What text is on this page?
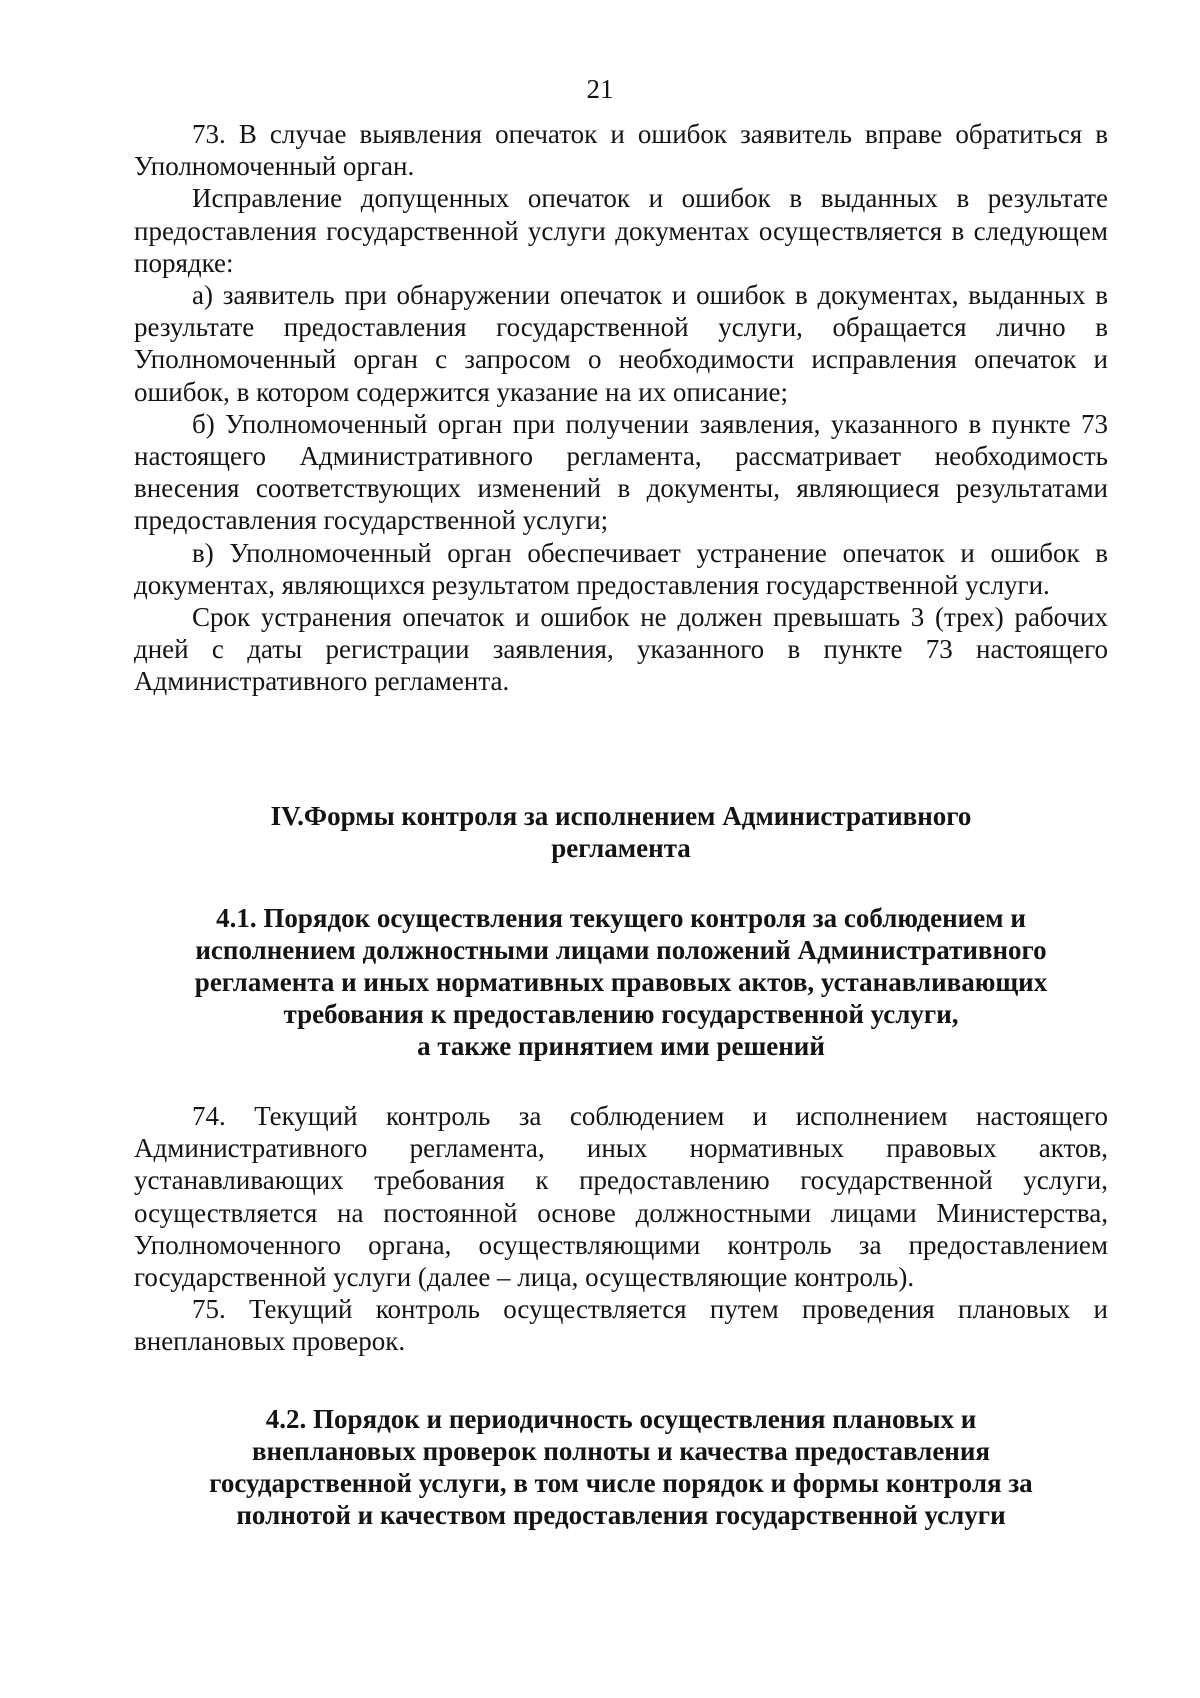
21

73. В случае выявления опечаток и ошибок заявитель вправе обратиться в Уполномоченный орган.

Исправление допущенных опечаток и ошибок в выданных в результате предоставления государственной услуги документах осуществляется в следующем порядке:

а) заявитель при обнаружении опечаток и ошибок в документах, выданных в результате предоставления государственной услуги, обращается лично в Уполномоченный орган с запросом о необходимости исправления опечаток и ошибок, в котором содержится указание на их описание;

б) Уполномоченный орган при получении заявления, указанного в пункте 73 настоящего Административного регламента, рассматривает необходимость внесения соответствующих изменений в документы, являющиеся результатами предоставления государственной услуги;

в) Уполномоченный орган обеспечивает устранение опечаток и ошибок в документах, являющихся результатом предоставления государственной услуги.

Срок устранения опечаток и ошибок не должен превышать 3 (трех) рабочих дней с даты регистрации заявления, указанного в пункте 73 настоящего Административного регламента.

IV.Формы контроля за исполнением Административного
регламента

4.1. Порядок осуществления текущего контроля за соблюдением и
исполнением должностными лицами положений Административного
регламента и иных нормативных правовых актов, устанавливающих
требования к предоставлению государственной услуги,
а также принятием ими решений

74. Текущий контроль за соблюдением и исполнением настоящего Административного регламента, иных нормативных правовых актов, устанавливающих требования к предоставлению государственной услуги, осуществляется на постоянной основе должностными лицами Министерства, Уполномоченного органа, осуществляющими контроль за предоставлением государственной услуги (далее – лица, осуществляющие контроль).

75. Текущий контроль осуществляется путем проведения плановых и внеплановых проверок.

4.2. Порядок и периодичность осуществления плановых и
внеплановых проверок полноты и качества предоставления
государственной услуги, в том числе порядок и формы контроля за
полнотой и качеством предоставления государственной услуги
